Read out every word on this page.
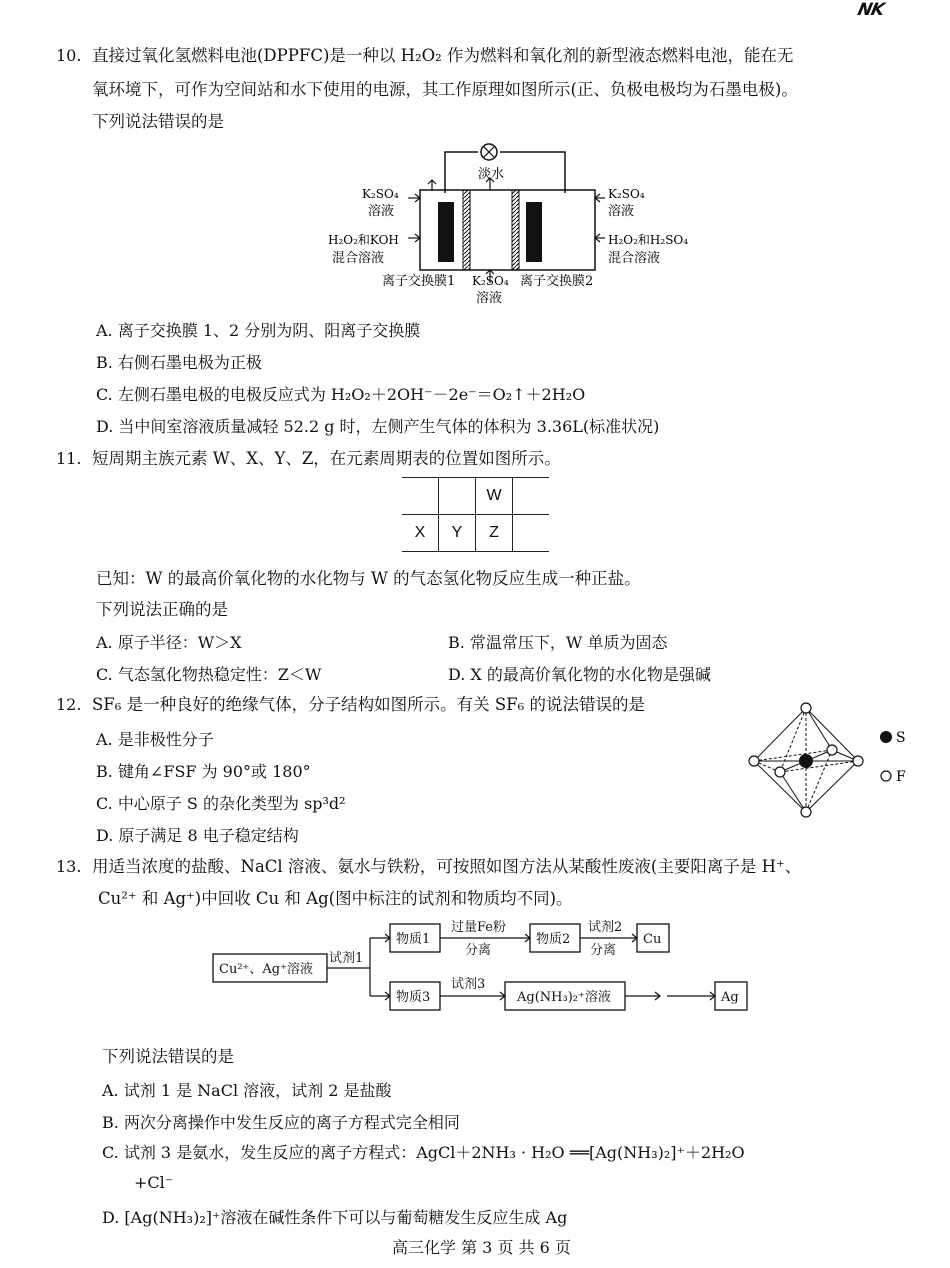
NK
10. 直接过氧化氢燃料电池(DPPFC)是一种以 H₂O₂ 作为燃料和氧化剂的新型液态燃料电池，能在无
氧环境下，可作为空间站和水下使用的电源，其工作原理如图所示(正、负极电极均为石墨电极)。
下列说法错误的是
淡水
K₂SO₄
溶液
H₂O₂和KOH
混合溶液
K₂SO₄
溶液
H₂O₂和H₂SO₄
混合溶液
离子交换膜1 K₂SO₄
溶液
离子交换膜2
A. 离子交换膜 1、2 分别为阴、阳离子交换膜
B. 右侧石墨电极为正极
C. 左侧石墨电极的电极反应式为 H₂O₂＋2OH⁻－2e⁻＝O₂↑＋2H₂O
D. 当中间室溶液质量减轻 52.2 g 时，左侧产生气体的体积为 3.36L(标准状况)
11. 短周期主族元素 W、X、Y、Z，在元素周期表的位置如图所示。
		W	
X	Y	Z	
已知：W 的最高价氧化物的水化物与 W 的气态氢化物反应生成一种正盐。
下列说法正确的是
A. 原子半径：W＞X	B. 常温常压下，W 单质为固态
C. 气态氢化物热稳定性：Z＜W	D. X 的最高价氧化物的水化物是强碱
12. SF₆ 是一种良好的绝缘气体，分子结构如图所示。有关 SF₆ 的说法错误的是
A. 是非极性分子
B. 键角∠FSF 为 90°或 180°
C. 中心原子 S 的杂化类型为 sp³d²
D. 原子满足 8 电子稳定结构
S
F
13. 用适当浓度的盐酸、NaCl 溶液、氨水与铁粉，可按照如图方法从某酸性废液(主要阳离子是 H⁺、
Cu²⁺ 和 Ag⁺)中回收 Cu 和 Ag(图中标注的试剂和物质均不同)。
Cu²⁺、Ag⁺溶液
试剂1
物质1
过量Fe粉
分离
物质2
试剂2
分离
Cu
物质3
试剂3
Ag(NH₃)₂⁺溶液	Ag
下列说法错误的是
A. 试剂 1 是 NaCl 溶液，试剂 2 是盐酸
B. 两次分离操作中发生反应的离子方程式完全相同
C. 试剂 3 是氨水，发生反应的离子方程式：AgCl＋2NH₃ · H₂O ══[Ag(NH₃)₂]⁺＋2H₂O
+Cl⁻
D. [Ag(NH₃)₂]⁺溶液在碱性条件下可以与葡萄糖发生反应生成 Ag
高三化学 第 3 页 共 6 页
